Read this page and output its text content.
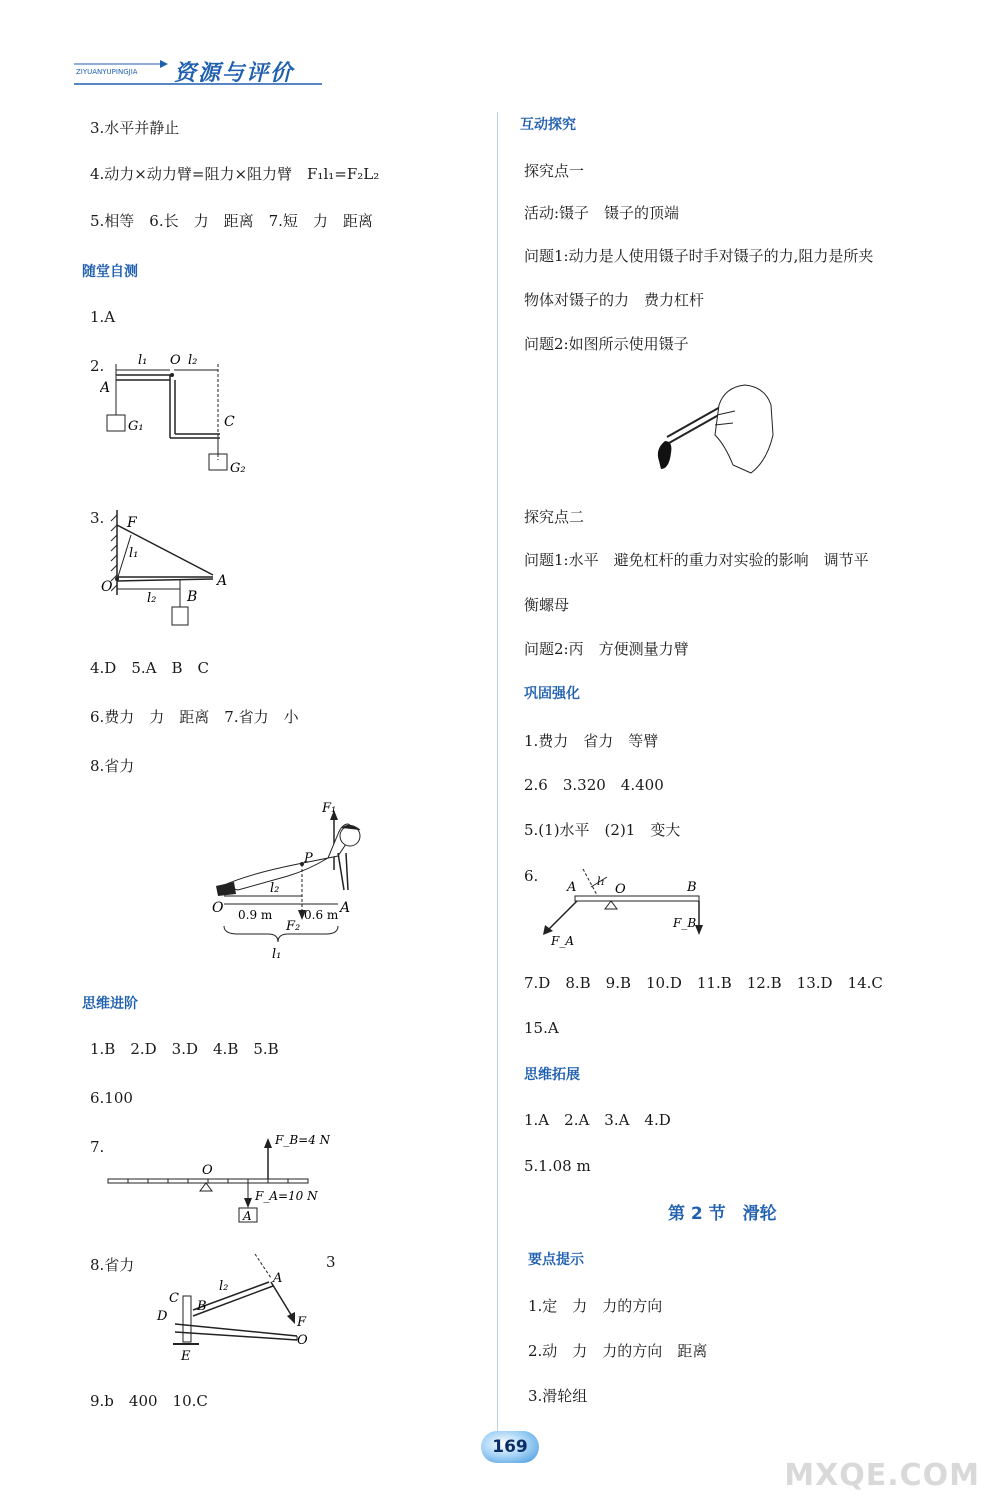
ZIYUANYUPINGJIA 资源与评价
3.水平并静止
4.动力×动力臂=阻力×阻力臂　F₁l₁=F₂L₂
5.相等　6.长　力　距离　7.短　力　距离
随堂自测
1.A
2.	l₁ O l₂
A
C
G₁
G₂
3. F
l₁
O	A
l₂ B
4.D　5.A　B　C
6.费力　力　距离　7.省力　小
8.省力
F₁
P
l₂
O 0.9 m	0.6 m
F₂
A
l₁
思维进阶
1.B　2.D　3.D　4.B　5.B
6.100
7.	F_B=4 N
O
F_A=10 N
A
8.省力	3
l₂
A
C
B
D	F
O
E
9.b　400　10.C
互动探究
探究点一
活动:镊子　镊子的顶端
问题1:动力是人使用镊子时手对镊子的力,阻力是所夹
物体对镊子的力　费力杠杆
问题2:如图所示使用镊子
探究点二
问题1:水平　避免杠杆的重力对实验的影响　调节平
衡螺母
问题2:丙　方便测量力臂
巩固强化
1.费力　省力　等臂
2.6　3.320　4.400
5.(1)水平　(2)1　变大
6.
A l₁
O	B
F_A
F_B
7.D　8.B　9.B　10.D　11.B　12.B　13.D　14.C
15.A
思维拓展
1.A　2.A　3.A　4.D
5.1.08 m
第 2 节　滑轮
要点提示
1.定　力　力的方向
2.动　力　力的方向　距离
3.滑轮组
169
MXQE.COM
